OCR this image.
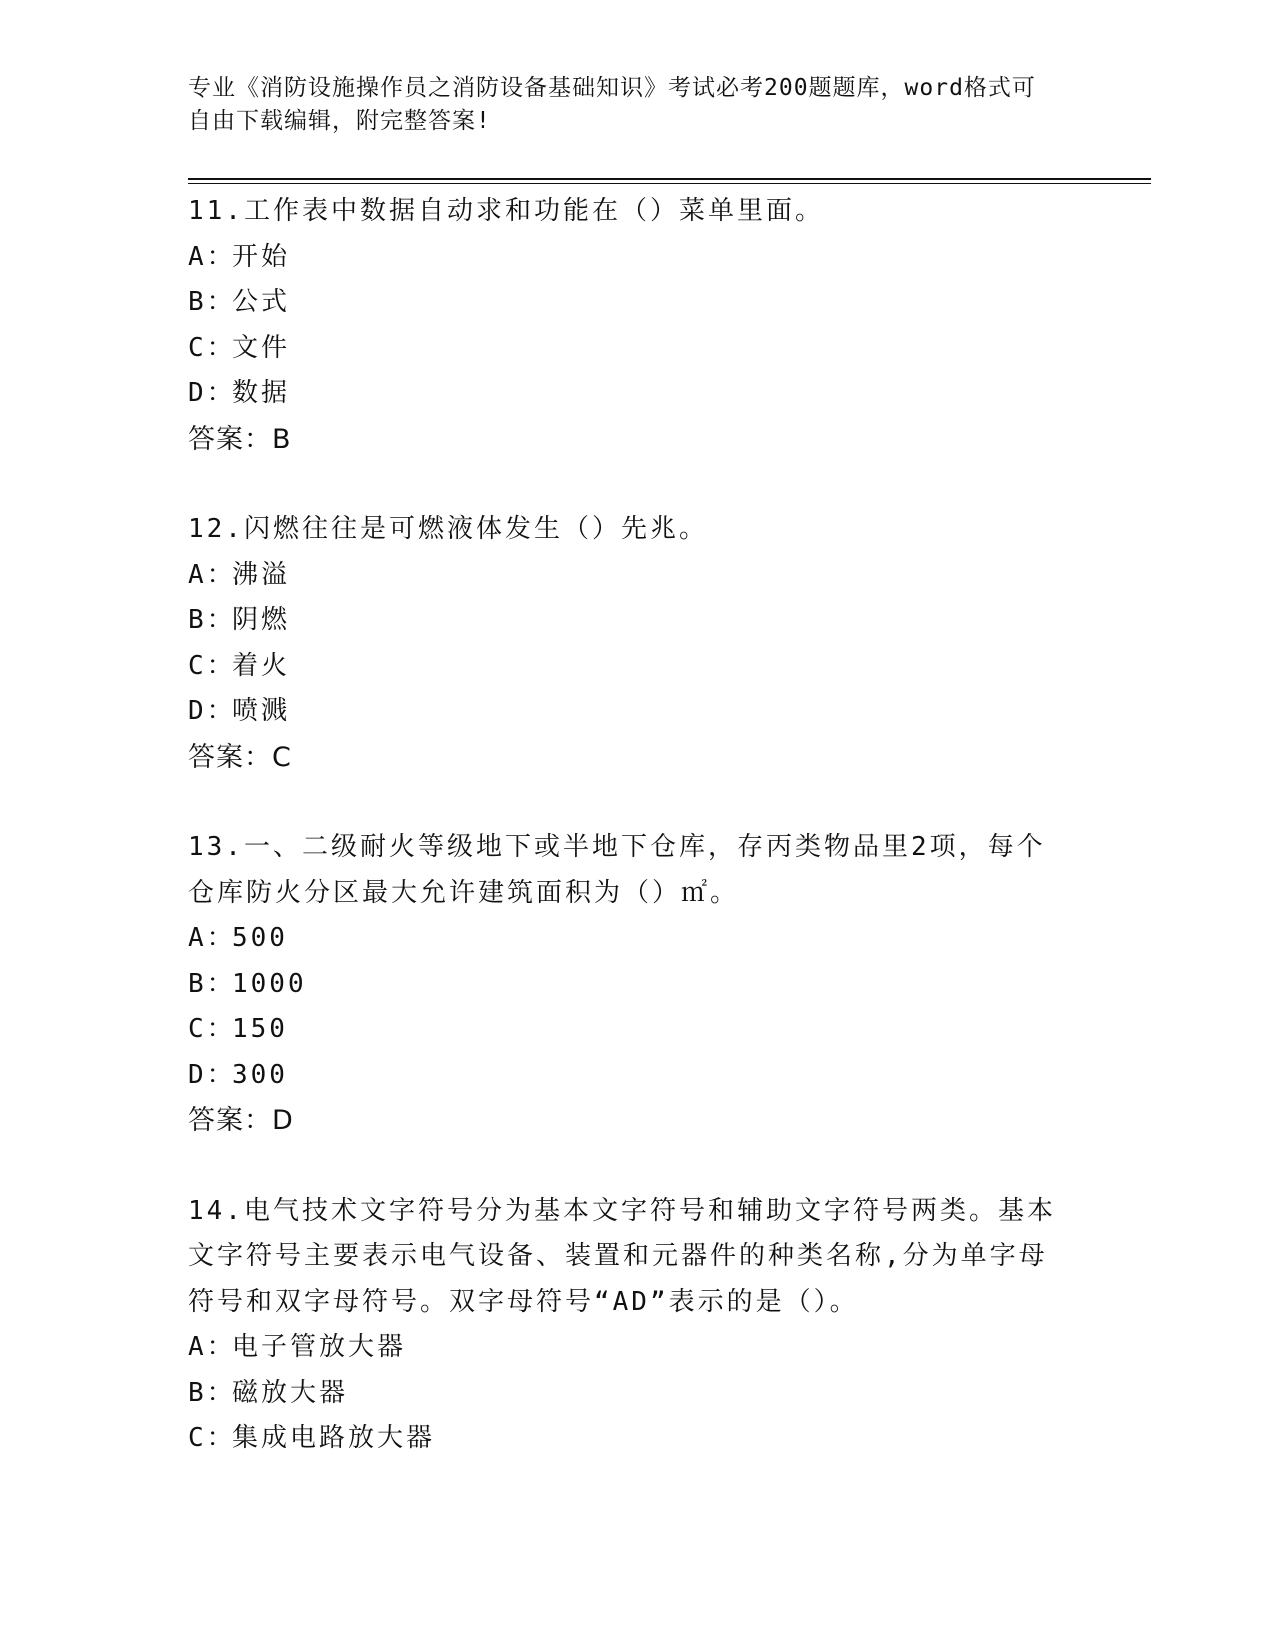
专业《消防设施操作员之消防设备基础知识》考试必考200题题库，word格式可
自由下载编辑，附完整答案!

11.工作表中数据自动求和功能在（）菜单里面。

A：
开始
B：
公式
C：
文件
D：
数据

答案：B

12.闪燃往往是可燃液体发生（）先兆。

A：
沸溢
B：
阴燃
C：
着火
D：
喷溅

答案：C

13.一、二级耐火等级地下或半地下仓库，存丙类物品里2项，每个仓库防火分区最大允许建筑面积为（）㎡。

A：
500
B：
1000
C：
150
D：
300

答案：D

14.电气技术文字符号分为基本文字符号和辅助文字符号两类。基本文字符号主要表示电气设备、装置和元器件的种类名称,分为单字母符号和双字母符号。双字母符号“AD”表示的是（）。

A：
电子管放大器
B：
磁放大器
C：
集成电路放大器
